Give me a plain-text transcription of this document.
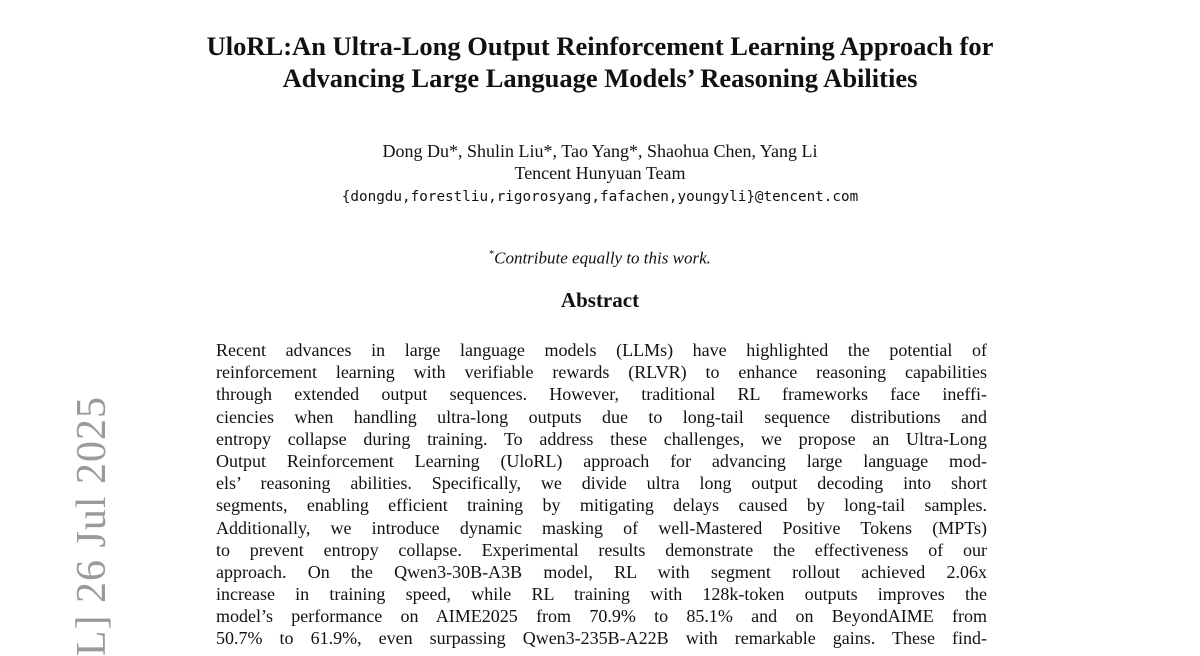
UloRL:An Ultra-Long Output Reinforcement Learning Approach for
Advancing Large Language Models’ Reasoning Abilities
Dong Du*, Shulin Liu*, Tao Yang*, Shaohua Chen, Yang Li
Tencent Hunyuan Team
{dongdu,forestliu,rigorosyang,fafachen,youngyli}@tencent.com
*Contribute equally to this work.
Abstract
Recent advances in large language models (LLMs) have highlighted the potential of
reinforcement learning with verifiable rewards (RLVR) to enhance reasoning capabilities
through extended output sequences. However, traditional RL frameworks face ineffi-
ciencies when handling ultra-long outputs due to long-tail sequence distributions and
entropy collapse during training. To address these challenges, we propose an Ultra-Long
Output Reinforcement Learning (UloRL) approach for advancing large language mod-
els’ reasoning abilities. Specifically, we divide ultra long output decoding into short
segments, enabling efficient training by mitigating delays caused by long-tail samples.
Additionally, we introduce dynamic masking of well-Mastered Positive Tokens (MPTs)
to prevent entropy collapse. Experimental results demonstrate the effectiveness of our
approach. On the Qwen3-30B-A3B model, RL with segment rollout achieved 2.06x
increase in training speed, while RL training with 128k-token outputs improves the
model’s performance on AIME2025 from 70.9% to 85.1% and on BeyondAIME from
50.7% to 61.9%, even surpassing Qwen3-235B-A22B with remarkable gains. These find-
L] 26 Jul 2025
